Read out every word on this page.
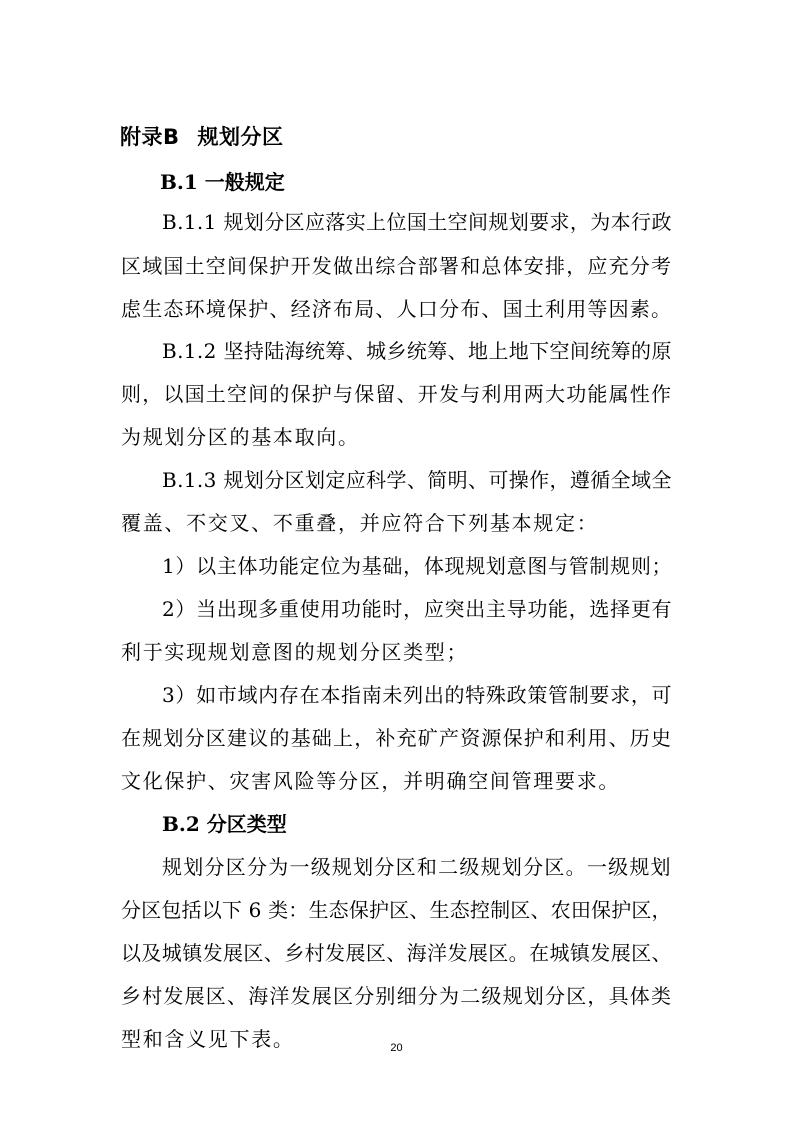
附录B 规划分区
B.1 一般规定
B.1.1 规划分区应落实上位国土空间规划要求，为本行政
区域国土空间保护开发做出综合部署和总体安排，应充分考
虑生态环境保护、经济布局、人口分布、国土利用等因素。
B.1.2 坚持陆海统筹、城乡统筹、地上地下空间统筹的原
则，以国土空间的保护与保留、开发与利用两大功能属性作
为规划分区的基本取向。
B.1.3 规划分区划定应科学、简明、可操作，遵循全域全
覆盖、不交叉、不重叠，并应符合下列基本规定：
1）以主体功能定位为基础，体现规划意图与管制规则；
2）当出现多重使用功能时，应突出主导功能，选择更有
利于实现规划意图的规划分区类型；
3）如市域内存在本指南未列出的特殊政策管制要求，可
在规划分区建议的基础上，补充矿产资源保护和利用、历史
文化保护、灾害风险等分区，并明确空间管理要求。
B.2 分区类型
规划分区分为一级规划分区和二级规划分区。一级规划
分区包括以下 6 类：生态保护区、生态控制区、农田保护区，
以及城镇发展区、乡村发展区、海洋发展区。在城镇发展区、
乡村发展区、海洋发展区分别细分为二级规划分区，具体类
型和含义见下表。	20
